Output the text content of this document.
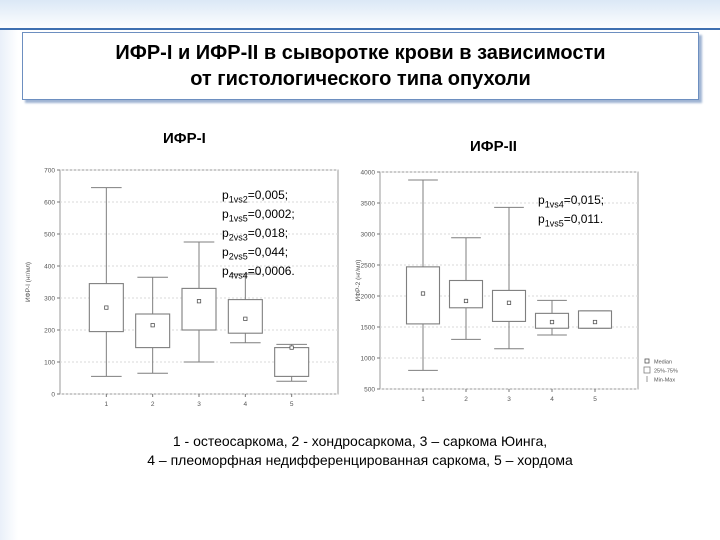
ИФР-I и ИФР-II в сыворотке крови в зависимости
от гистологического типа опухоли
ИФР-I	ИФР-II
0
100
200
300
400
500
600
700
ИФР-I (нг/мл)
1	2	3	4	5
500
1000
1500
2000
2500
3000
3500
4000
ИФР-2 (нг/мл)
1	2	3	4	5
Median
25%-75%
Min-Max
$p_{1vs2}=0,005$;
$p_{1vs5}=0,0002$;
$p_{2vs3}=0,018$;
$p_{2vs5}=0,044$;
$p_{4vs4}=0,0006$.
$p_{1vs4}=0,015$;
$p_{1vs5}=0,011$.
1 - остеосаркома, 2 - хондросаркома, 3 – саркома Юинга,
4 – плеоморфная недифференцированная саркома, 5 – хордома
